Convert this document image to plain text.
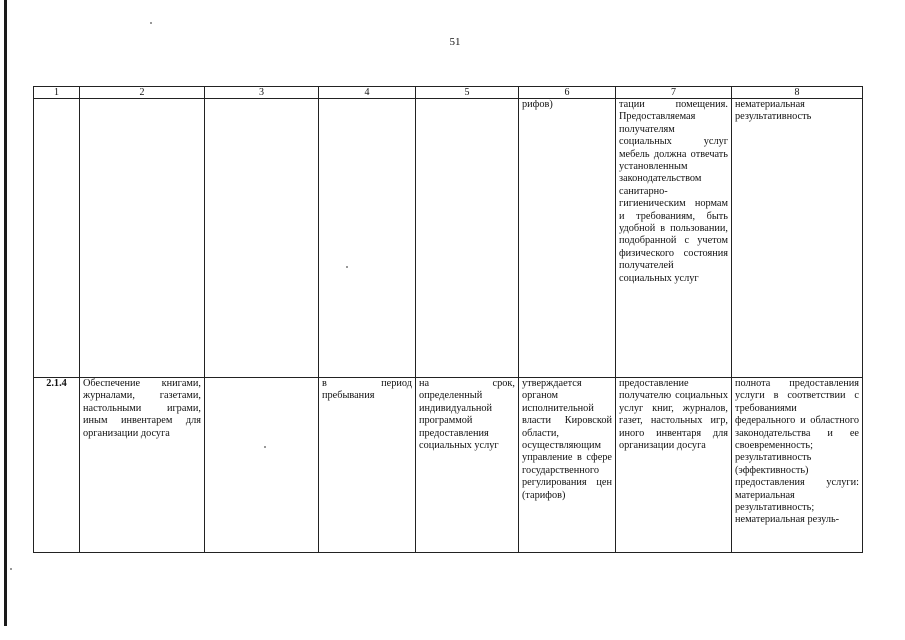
51
1	2	3	4	5	6	7	8
					рифов)	тации помещения. Предоставляемая получателям социальных услуг мебель должна отвечать установленным законодательством санитарно-гигиеническим нормам и требованиям, быть удобной в пользовании, подобранной с учетом физического состояния получателей социальных услуг	нематериальная результативность
2.1.4	Обеспечение книгами, журналами, газетами, настольными играми, иным инвентарем для организации досуга		в период пребывания	на срок, определенный индивидуальной программой предоставления социальных услуг	утверждается органом исполнительной власти Кировской области, осуществляющим управление в сфере государственного регулирования цен (тарифов)	предоставление получателю социальных услуг книг, журналов, газет, настольных игр, иного инвентаря для организации досуга	полнота предоставления услуги в соответствии с требованиями федерального и областного законодательства и ее своевременность; результативность (эффективность) предоставления услуги: материальная результативность; нематериальная резуль-
